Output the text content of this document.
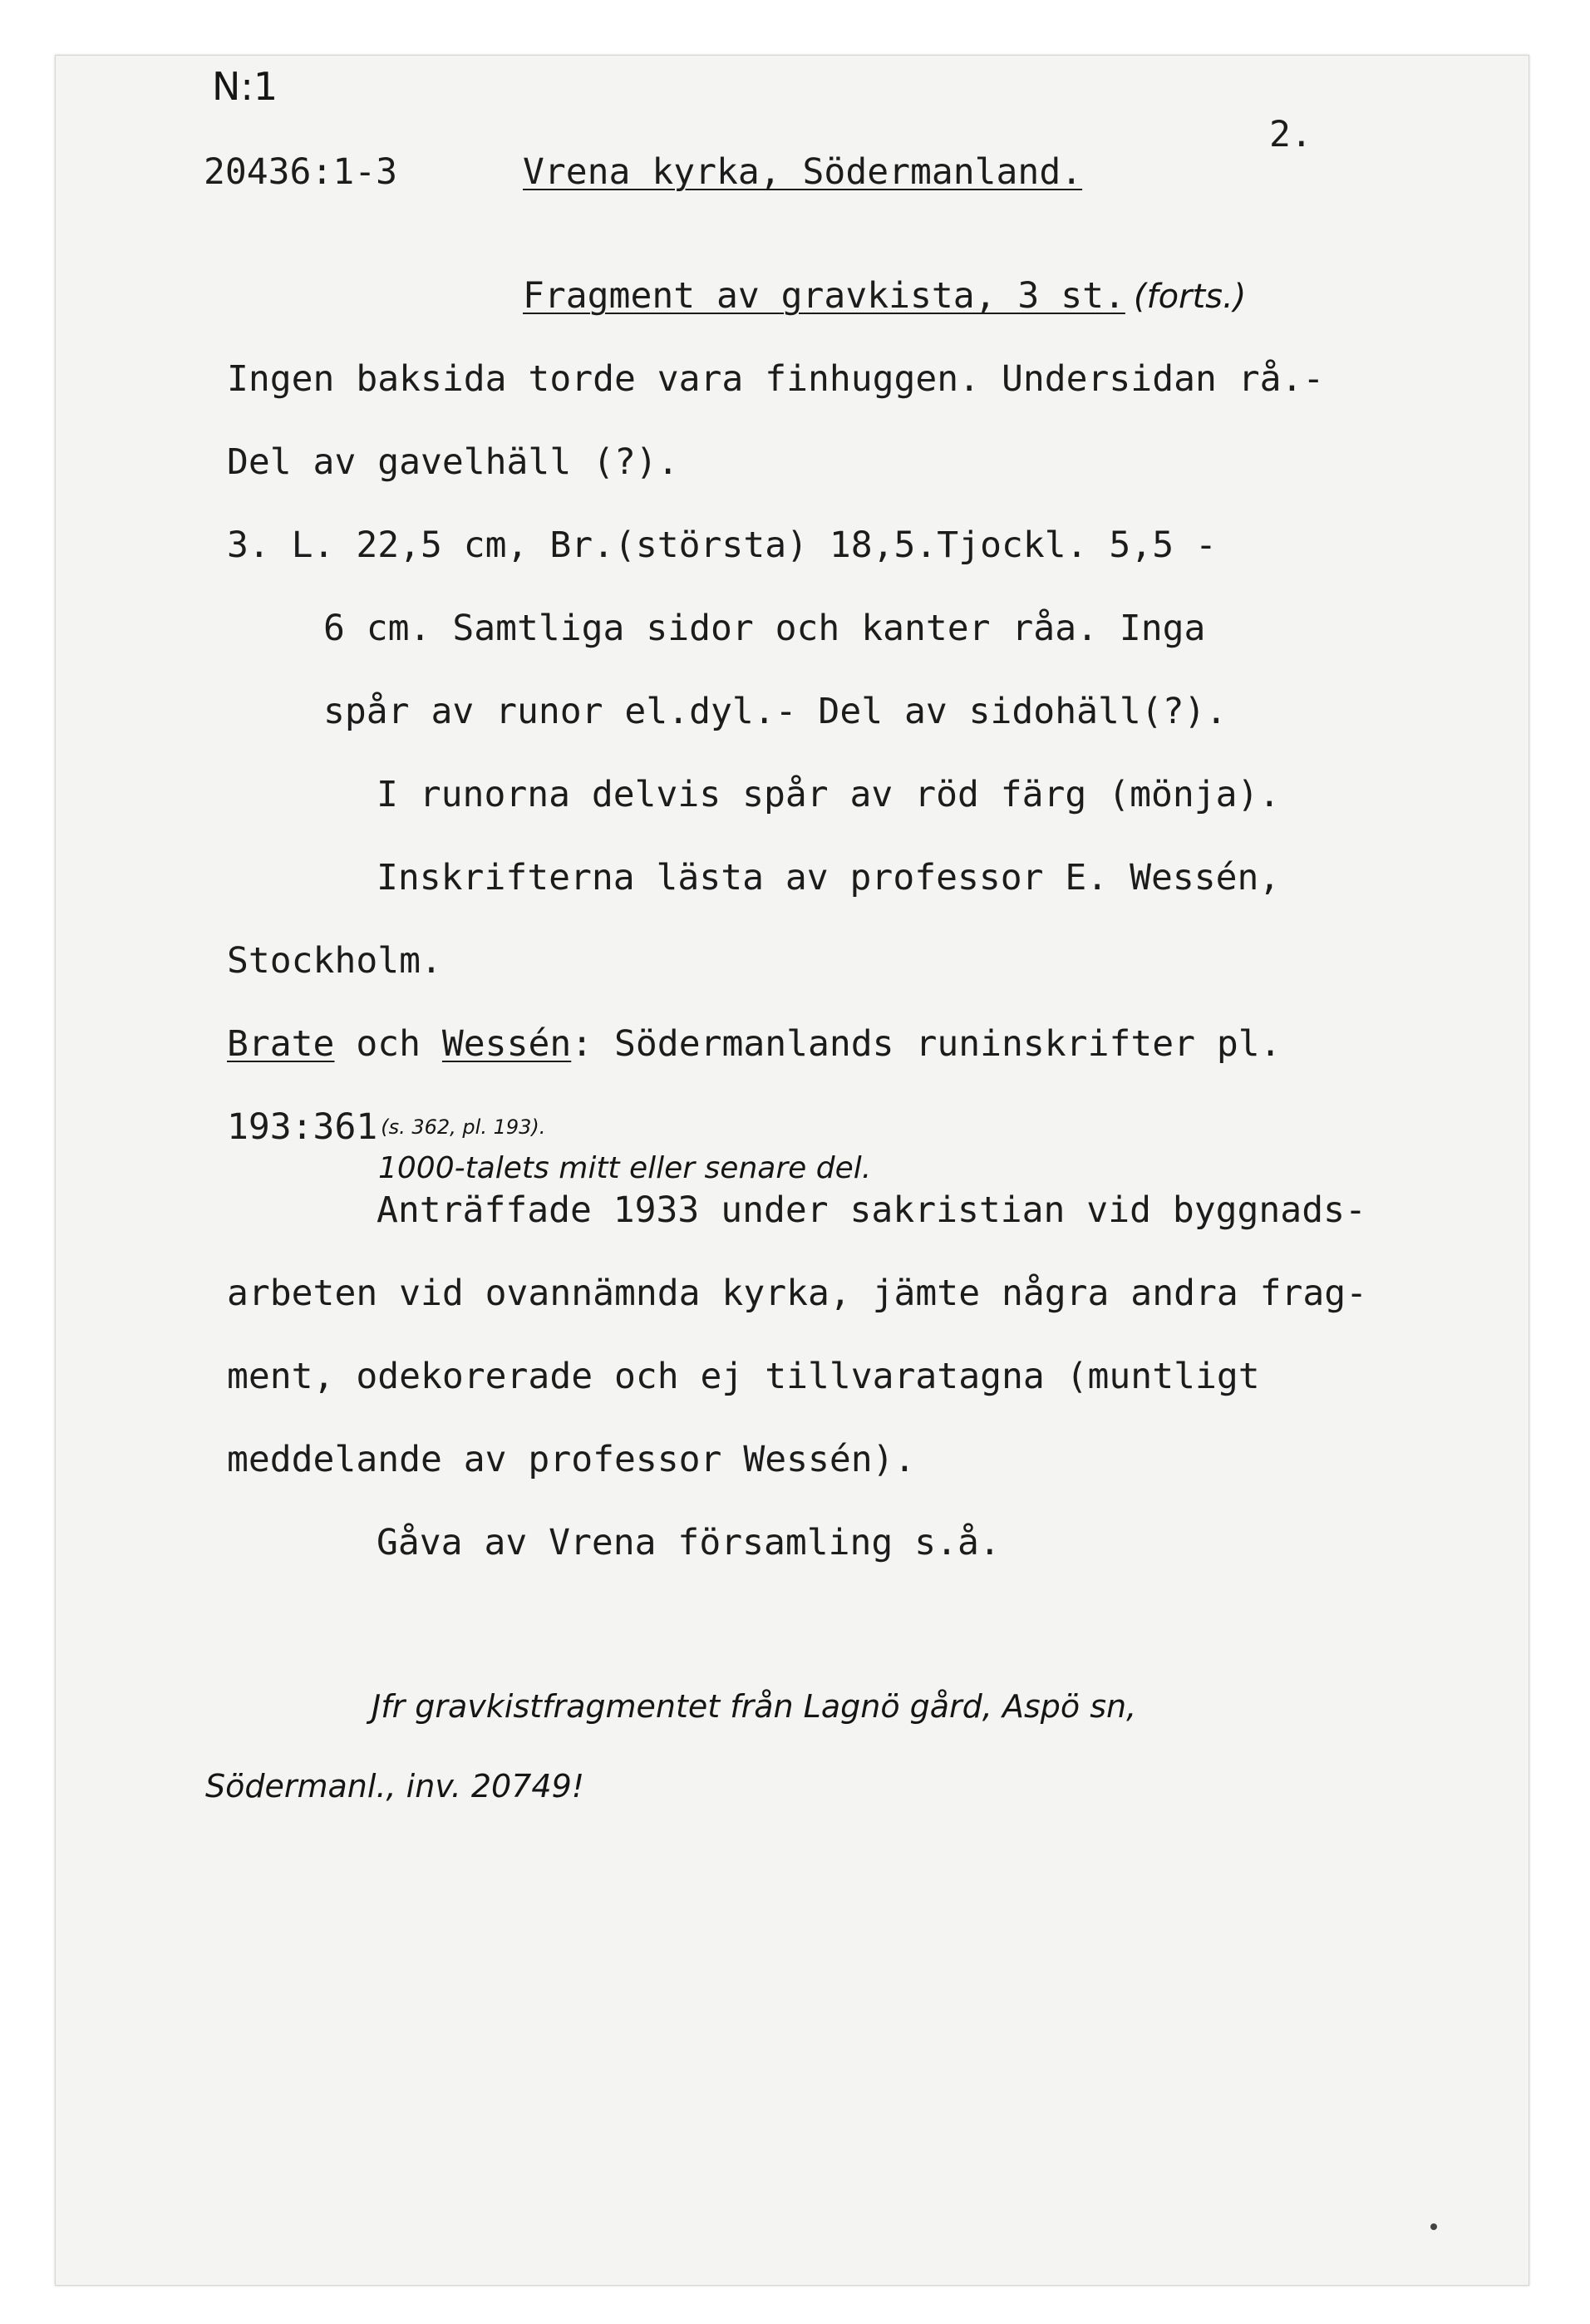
N:1
20436:1-3
2.
Vrena kyrka, Södermanland.
Fragment av gravkista, 3 st. (forts.)
Ingen baksida torde vara finhuggen. Undersidan rå.-
Del av gavelhäll (?).
3. L. 22,5 cm, Br.(största) 18,5.Tjockl. 5,5 -
6 cm. Samtliga sidor och kanter råa. Inga
spår av runor el.dyl.- Del av sidohäll(?).
I runorna delvis spår av röd färg (mönja).
Inskrifterna lästa av professor E. Wessén,
Stockholm.
Brate och Wessén: Södermanlands runinskrifter pl.
193:361 (s. 362, pl. 193).
1000-talets mitt eller senare del.
Anträffade 1933 under sakristian vid byggnads-
arbeten vid ovannämnda kyrka, jämte några andra frag-
ment, odekorerade och ej tillvaratagna (muntligt
meddelande av professor Wessén).
Gåva av Vrena församling s.å.
Jfr gravkistfragmentet från Lagnö gård, Aspö sn,
Södermanl., inv. 20749!
